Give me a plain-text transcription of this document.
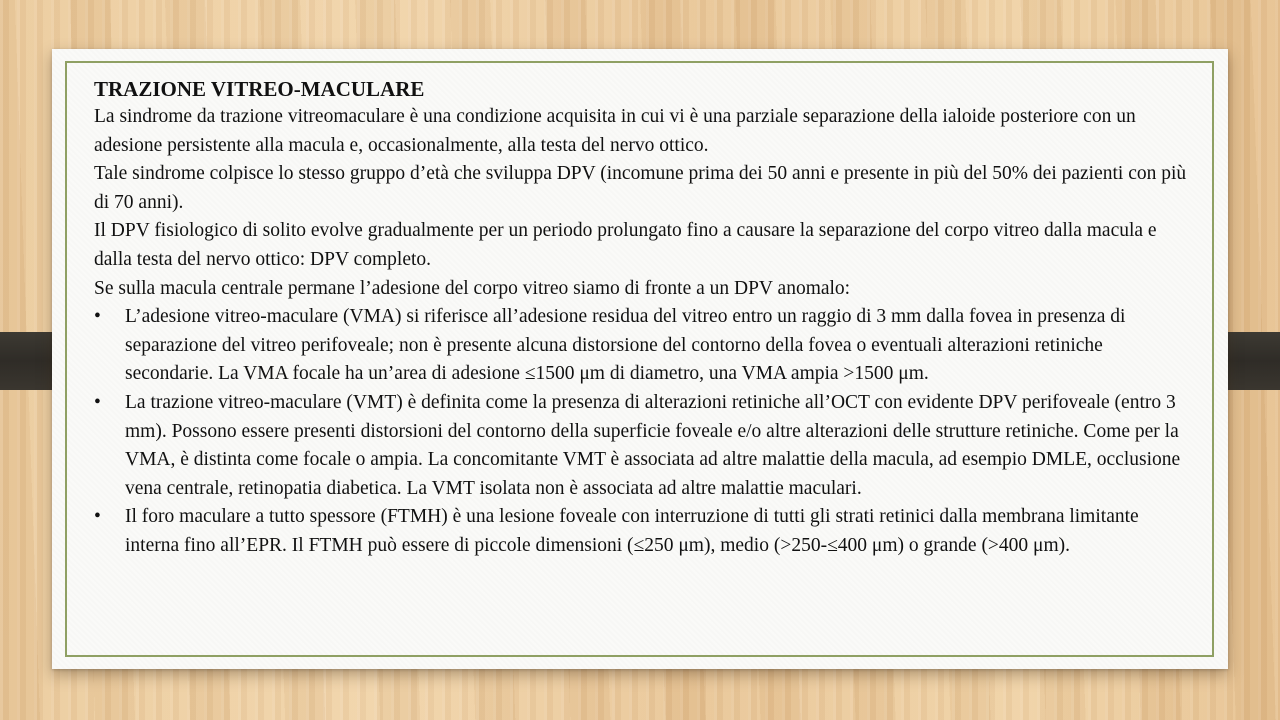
TRAZIONE VITREO-MACULARE

La sindrome da trazione vitreomaculare è una condizione acquisita in cui vi è una parziale separazione della ialoide posteriore con un adesione persistente alla macula e, occasionalmente, alla testa del nervo ottico.

Tale sindrome colpisce lo stesso gruppo d’età che sviluppa DPV (incomune prima dei 50 anni e presente in più del 50% dei pazienti con più di 70 anni).

Il DPV fisiologico di solito evolve gradualmente per un periodo prolungato fino a causare la separazione del corpo vitreo dalla macula e dalla testa del nervo ottico: DPV completo.

Se sulla macula centrale permane l’adesione del corpo vitreo siamo di fronte a un DPV anomalo:

• L’adesione vitreo-maculare (VMA) si riferisce all’adesione residua del vitreo entro un raggio di 3 mm dalla fovea in presenza di separazione del vitreo perifoveale; non è presente alcuna distorsione del contorno della fovea o eventuali alterazioni retiniche secondarie. La VMA focale ha un’area di adesione ≤1500 μm di diametro, una VMA ampia >1500 μm.
• La trazione vitreo-maculare (VMT) è definita come la presenza di alterazioni retiniche all’OCT con evidente DPV perifoveale (entro 3 mm). Possono essere presenti distorsioni del contorno della superficie foveale e/o altre alterazioni delle strutture retiniche. Come per la VMA, è distinta come focale o ampia. La concomitante VMT è associata ad altre malattie della macula, ad esempio DMLE, occlusione vena centrale, retinopatia diabetica. La VMT isolata non è associata ad altre malattie maculari.
• Il foro maculare a tutto spessore (FTMH) è una lesione foveale con interruzione di tutti gli strati retinici dalla membrana limitante interna fino all’EPR. Il FTMH può essere di piccole dimensioni (≤250 μm), medio (>250-≤400 μm) o grande (>400 μm).
